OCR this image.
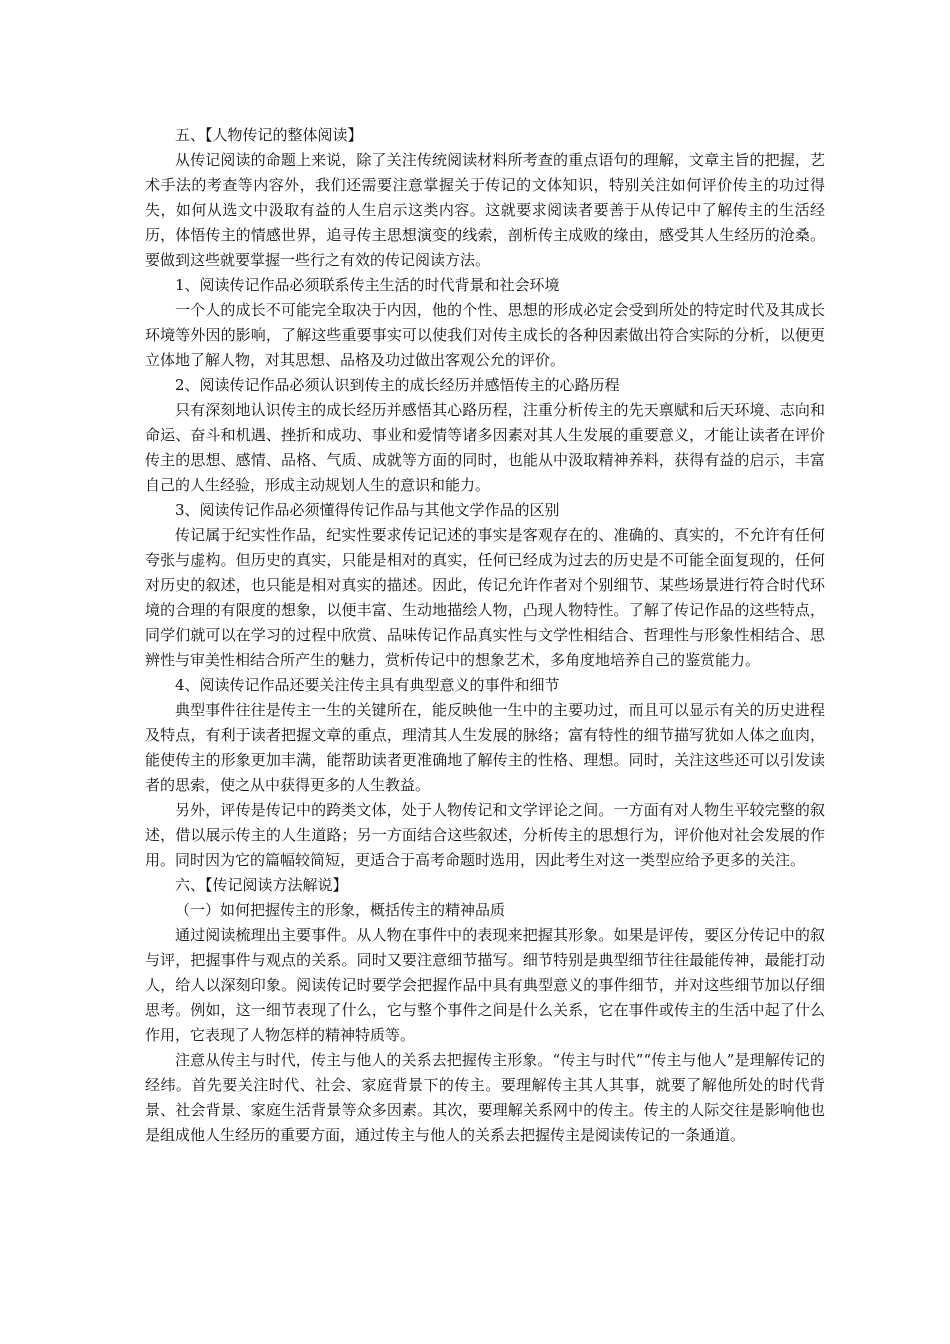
五、【人物传记的整体阅读】

从传记阅读的命题上来说，除了关注传统阅读材料所考查的重点语句的理解，文章主旨的把握，艺术手法的考查等内容外，我们还需要注意掌握关于传记的文体知识，特别关注如何评价传主的功过得失，如何从选文中汲取有益的人生启示这类内容。这就要求阅读者要善于从传记中了解传主的生活经历，体悟传主的情感世界，追寻传主思想演变的线索，剖析传主成败的缘由，感受其人生经历的沧桑。要做到这些就要掌握一些行之有效的传记阅读方法。

1、阅读传记作品必须联系传主生活的时代背景和社会环境

一个人的成长不可能完全取决于内因，他的个性、思想的形成必定会受到所处的特定时代及其成长环境等外因的影响，了解这些重要事实可以使我们对传主成长的各种因素做出符合实际的分析，以便更立体地了解人物，对其思想、品格及功过做出客观公允的评价。

2、阅读传记作品必须认识到传主的成长经历并感悟传主的心路历程

只有深刻地认识传主的成长经历并感悟其心路历程，注重分析传主的先天禀赋和后天环境、志向和命运、奋斗和机遇、挫折和成功、事业和爱情等诸多因素对其人生发展的重要意义，才能让读者在评价传主的思想、感情、品格、气质、成就等方面的同时，也能从中汲取精神养料，获得有益的启示，丰富自己的人生经验，形成主动规划人生的意识和能力。

3、阅读传记作品必须懂得传记作品与其他文学作品的区别

传记属于纪实性作品，纪实性要求传记记述的事实是客观存在的、准确的、真实的，不允许有任何夸张与虚构。但历史的真实，只能是相对的真实，任何已经成为过去的历史是不可能全面复现的，任何对历史的叙述，也只能是相对真实的描述。因此，传记允许作者对个别细节、某些场景进行符合时代环境的合理的有限度的想象，以便丰富、生动地描绘人物，凸现人物特性。了解了传记作品的这些特点，同学们就可以在学习的过程中欣赏、品味传记作品真实性与文学性相结合、哲理性与形象性相结合、思辨性与审美性相结合所产生的魅力，赏析传记中的想象艺术，多角度地培养自己的鉴赏能力。

4、阅读传记作品还要关注传主具有典型意义的事件和细节

典型事件往往是传主一生的关键所在，能反映他一生中的主要功过，而且可以显示有关的历史进程及特点，有利于读者把握文章的重点，理清其人生发展的脉络；富有特性的细节描写犹如人体之血肉，能使传主的形象更加丰满，能帮助读者更准确地了解传主的性格、理想。同时，关注这些还可以引发读者的思索，使之从中获得更多的人生教益。

另外，评传是传记中的跨类文体，处于人物传记和文学评论之间。一方面有对人物生平较完整的叙述，借以展示传主的人生道路；另一方面结合这些叙述，分析传主的思想行为，评价他对社会发展的作用。同时因为它的篇幅较简短，更适合于高考命题时选用，因此考生对这一类型应给予更多的关注。

六、【传记阅读方法解说】

（一）如何把握传主的形象，概括传主的精神品质

通过阅读梳理出主要事件。从人物在事件中的表现来把握其形象。如果是评传，要区分传记中的叙与评，把握事件与观点的关系。同时又要注意细节描写。细节特别是典型细节往往最能传神，最能打动人，给人以深刻印象。阅读传记时要学会把握作品中具有典型意义的事件细节，并对这些细节加以仔细思考。例如，这一细节表现了什么，它与整个事件之间是什么关系，它在事件或传主的生活中起了什么作用，它表现了人物怎样的精神特质等。

注意从传主与时代，传主与他人的关系去把握传主形象。“传主与时代”“传主与他人”是理解传记的经纬。首先要关注时代、社会、家庭背景下的传主。要理解传主其人其事，就要了解他所处的时代背景、社会背景、家庭生活背景等众多因素。其次，要理解关系网中的传主。传主的人际交往是影响他也是组成他人生经历的重要方面，通过传主与他人的关系去把握传主是阅读传记的一条通道。
